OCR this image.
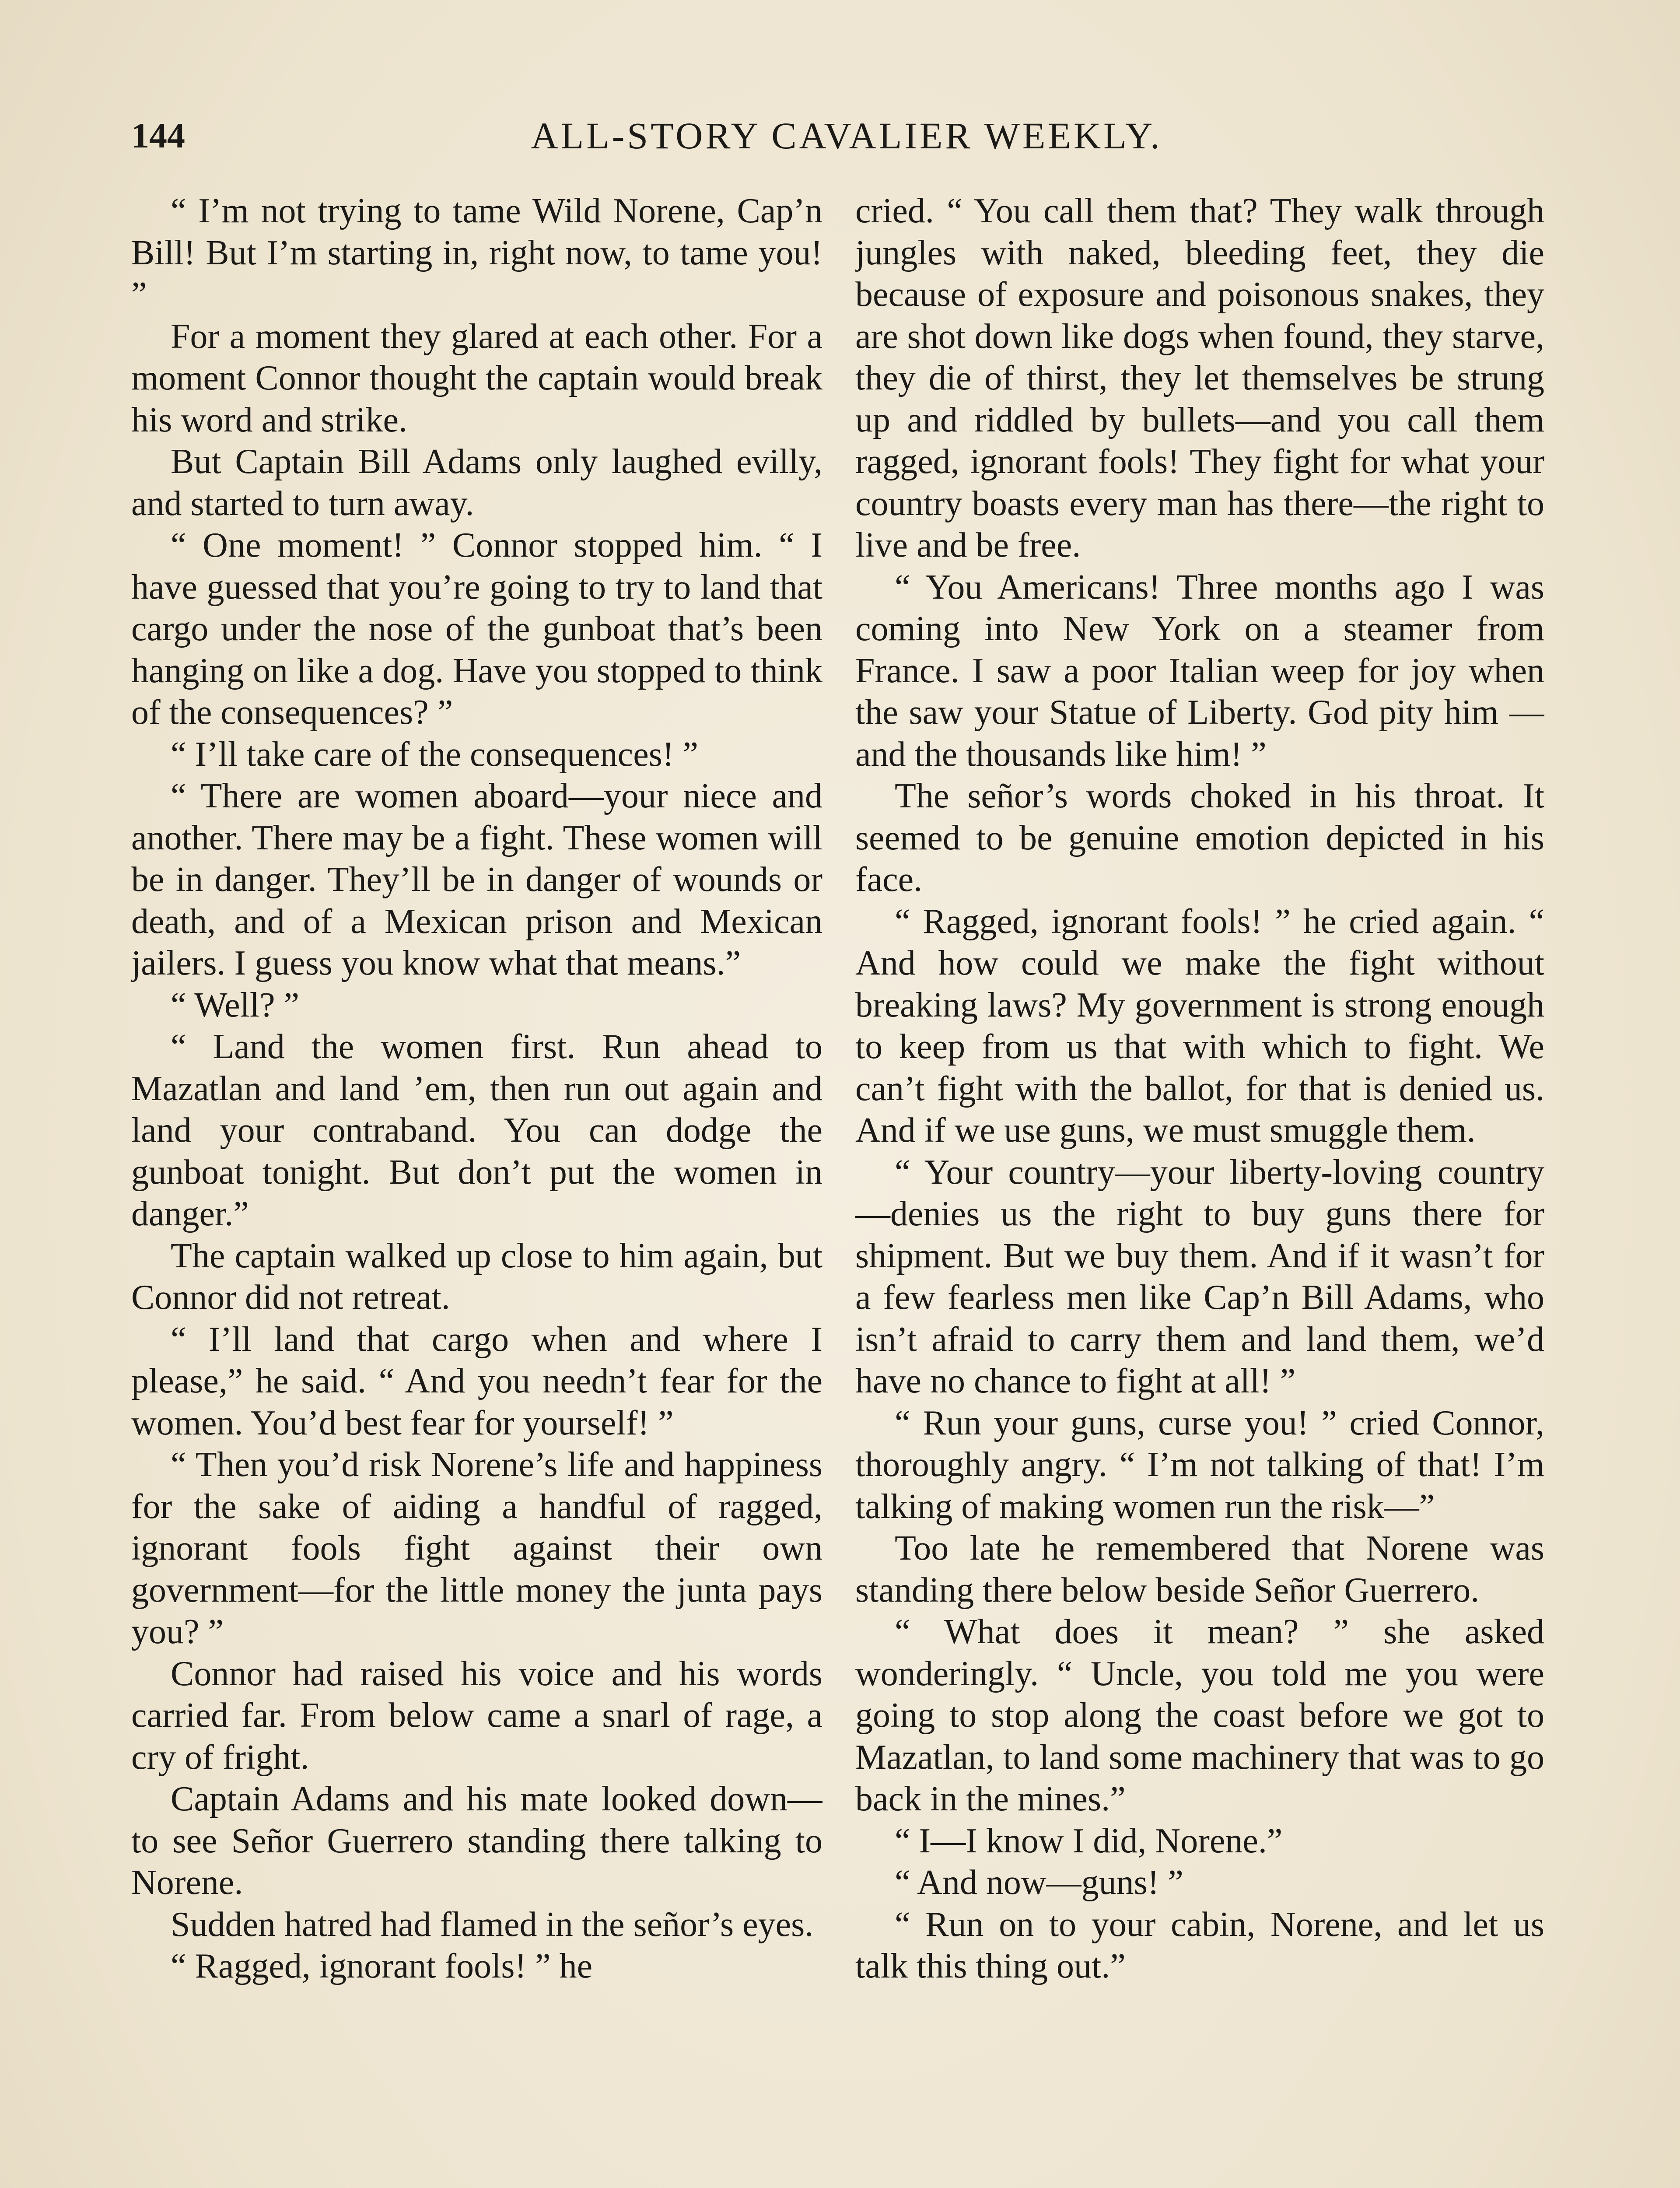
144	ALL-STORY CAVALIER WEEKLY.

“ I’m not trying to tame Wild Norene, Cap’n Bill! But I’m starting in, right now, to tame you! ”

For a moment they glared at each other. For a moment Connor thought the captain would break his word and strike.

But Captain Bill Adams only laughed evilly, and started to turn away.

“ One moment! ” Connor stopped him. “ I have guessed that you’re going to try to land that cargo under the nose of the gunboat that’s been hanging on like a dog. Have you stopped to think of the consequences? ”

“ I’ll take care of the consequences! ”

“ There are women aboard—your niece and another. There may be a fight. These women will be in danger. They’ll be in danger of wounds or death, and of a Mexican prison and Mexican jailers. I guess you know what that means.”

“ Well? ”

“ Land the women first. Run ahead to Mazatlan and land ’em, then run out again and land your contraband. You can dodge the gunboat tonight. But don’t put the women in danger.”

The captain walked up close to him again, but Connor did not retreat.

“ I’ll land that cargo when and where I please,” he said. “ And you needn’t fear for the women. You’d best fear for yourself! ”

“ Then you’d risk Norene’s life and happiness for the sake of aiding a handful of ragged, ignorant fools fight against their own government—for the little money the junta pays you? ”

Connor had raised his voice and his words carried far. From below came a snarl of rage, a cry of fright.

Captain Adams and his mate looked down—to see Señor Guerrero standing there talking to Norene.

Sudden hatred had flamed in the señor’s eyes.

“ Ragged, ignorant fools! ” he

cried. “ You call them that? They walk through jungles with naked, bleeding feet, they die because of exposure and poisonous snakes, they are shot down like dogs when found, they starve, they die of thirst, they let themselves be strung up and riddled by bullets—and you call them ragged, ignorant fools! They fight for what your country boasts every man has there—the right to live and be free.

“ You Americans! Three months ago I was coming into New York on a steamer from France. I saw a poor Italian weep for joy when the saw your Statue of Liberty. God pity him —and the thousands like him! ”

The señor’s words choked in his throat. It seemed to be genuine emotion depicted in his face.

“ Ragged, ignorant fools! ” he cried again. “ And how could we make the fight without breaking laws? My government is strong enough to keep from us that with which to fight. We can’t fight with the ballot, for that is denied us. And if we use guns, we must smuggle them.

“ Your country—your liberty-loving country—denies us the right to buy guns there for shipment. But we buy them. And if it wasn’t for a few fearless men like Cap’n Bill Adams, who isn’t afraid to carry them and land them, we’d have no chance to fight at all! ”

“ Run your guns, curse you! ” cried Connor, thoroughly angry. “ I’m not talking of that! I’m talking of making women run the risk—”

Too late he remembered that Norene was standing there below beside Señor Guerrero.

“ What does it mean? ” she asked wonderingly. “ Uncle, you told me you were going to stop along the coast before we got to Mazatlan, to land some machinery that was to go back in the mines.”

“ I—I know I did, Norene.”

“ And now—guns! ”

“ Run on to your cabin, Norene, and let us talk this thing out.”
